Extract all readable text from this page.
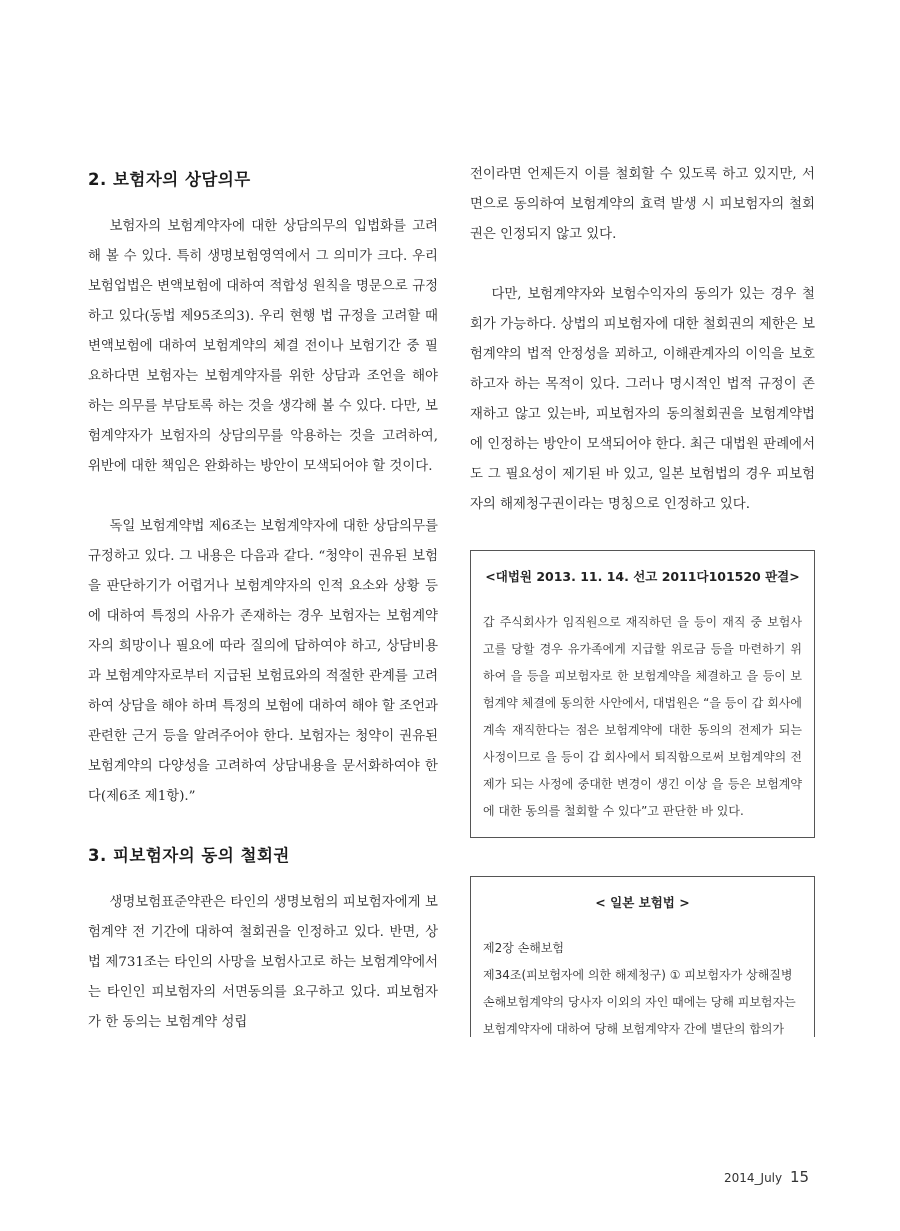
2. 보험자의 상담의무

보험자의 보험계약자에 대한 상담의무의 입법화를 고려해 볼 수 있다. 특히 생명보험영역에서 그 의미가 크다. 우리 보험업법은 변액보험에 대하여 적합성 원칙을 명문으로 규정하고 있다(동법 제95조의3). 우리 현행 법 규정을 고려할 때 변액보험에 대하여 보험계약의 체결 전이나 보험기간 중 필요하다면 보험자는 보험계약자를 위한 상담과 조언을 해야 하는 의무를 부담토록 하는 것을 생각해 볼 수 있다. 다만, 보험계약자가 보험자의 상담의무를 악용하는 것을 고려하여, 위반에 대한 책임은 완화하는 방안이 모색되어야 할 것이다.

독일 보험계약법 제6조는 보험계약자에 대한 상담의무를 규정하고 있다. 그 내용은 다음과 같다. “청약이 권유된 보험을 판단하기가 어렵거나 보험계약자의 인적 요소와 상황 등에 대하여 특정의 사유가 존재하는 경우 보험자는 보험계약자의 희망이나 필요에 따라 질의에 답하여야 하고, 상담비용과 보험계약자로부터 지급된 보험료와의 적절한 관계를 고려하여 상담을 해야 하며 특정의 보험에 대하여 해야 할 조언과 관련한 근거 등을 알려주어야 한다. 보험자는 청약이 권유된 보험계약의 다양성을 고려하여 상담내용을 문서화하여야 한다(제6조 제1항).”

3. 피보험자의 동의 철회권

생명보험표준약관은 타인의 생명보험의 피보험자에게 보험계약 전 기간에 대하여 철회권을 인정하고 있다. 반면, 상법 제731조는 타인의 사망을 보험사고로 하는 보험계약에서는 타인인 피보험자의 서면동의를 요구하고 있다. 피보험자가 한 동의는 보험계약 성립

전이라면 언제든지 이를 철회할 수 있도록 하고 있지만, 서면으로 동의하여 보험계약의 효력 발생 시 피보험자의 철회권은 인정되지 않고 있다.

다만, 보험계약자와 보험수익자의 동의가 있는 경우 철회가 가능하다. 상법의 피보험자에 대한 철회권의 제한은 보험계약의 법적 안정성을 꾀하고, 이해관계자의 이익을 보호하고자 하는 목적이 있다. 그러나 명시적인 법적 규정이 존재하고 않고 있는바, 피보험자의 동의철회권을 보험계약법에 인정하는 방안이 모색되어야 한다. 최근 대법원 판례에서도 그 필요성이 제기된 바 있고, 일본 보험법의 경우 피보험자의 해제청구권이라는 명칭으로 인정하고 있다.

<대법원 2013. 11. 14. 선고 2011다101520 판결>

갑 주식회사가 임직원으로 재직하던 을 등이 재직 중 보험사고를 당할 경우 유가족에게 지급할 위로금 등을 마련하기 위하여 을 등을 피보험자로 한 보험계약을 체결하고 을 등이 보험계약 체결에 동의한 사안에서, 대법원은 “을 등이 갑 회사에 계속 재직한다는 점은 보험계약에 대한 동의의 전제가 되는 사정이므로 을 등이 갑 회사에서 퇴직함으로써 보험계약의 전제가 되는 사정에 중대한 변경이 생긴 이상 을 등은 보험계약에 대한 동의를 철회할 수 있다”고 판단한 바 있다.

< 일본 보험법 >

제2장 손해보험

제34조(피보험자에 의한 해제청구) ① 피보험자가 상해질병손해보험계약의 당사자 이외의 자인 때에는 당해 피보험자는 보험계약자에 대하여 당해 보험계약자 간에 별단의 합의가

2014_July 15
